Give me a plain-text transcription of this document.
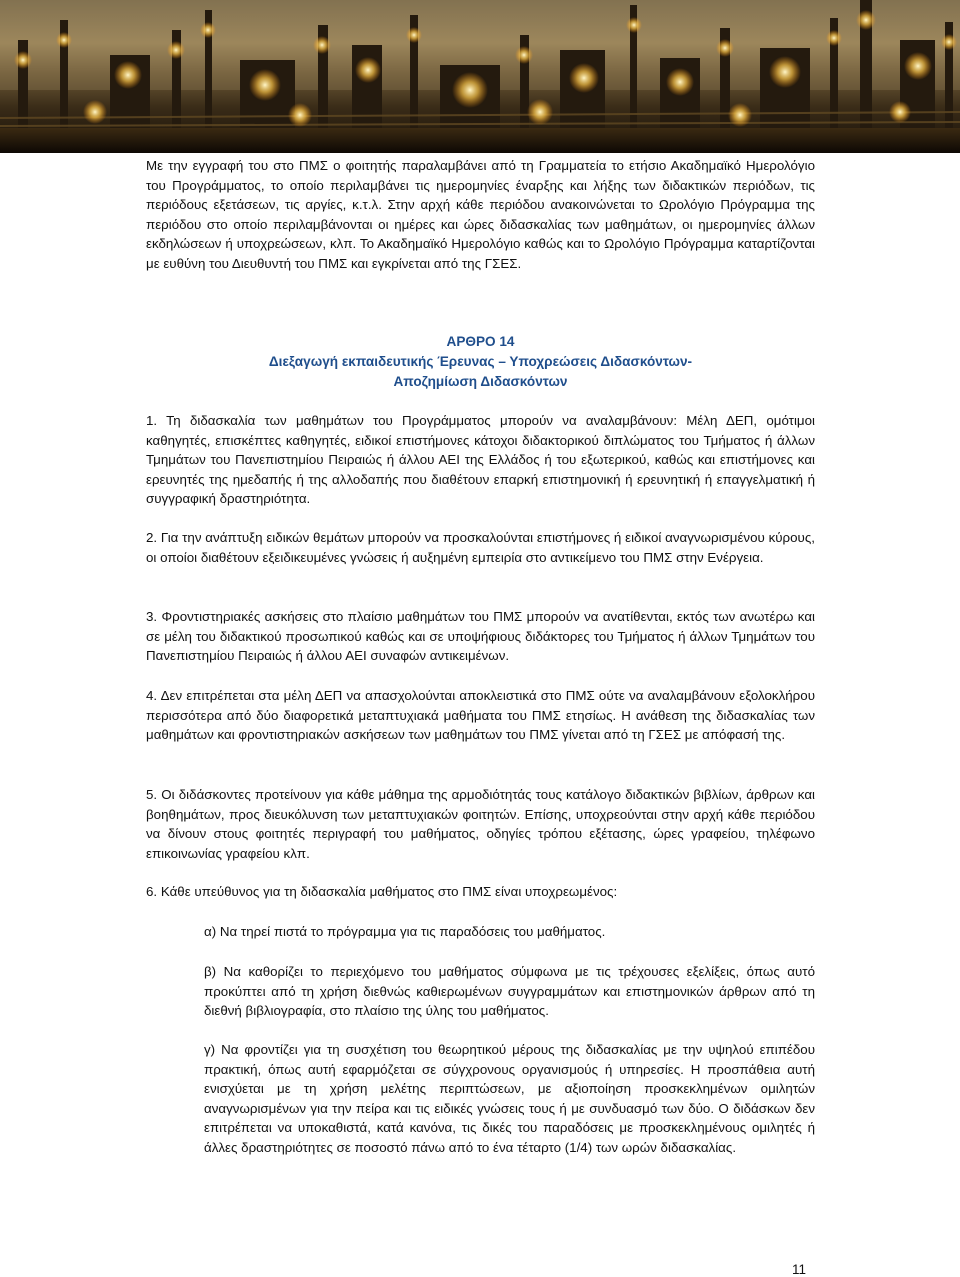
Με την εγγραφή του στο ΠΜΣ ο φοιτητής παραλαμβάνει από τη Γραμματεία το ετήσιο Ακαδημαϊκό Ημερολόγιο του Προγράμματος, το οποίο περιλαμβάνει τις ημερομηνίες έναρξης και λήξης των διδακτικών περιόδων, τις περιόδους εξετάσεων, τις αργίες, κ.τ.λ. Στην αρχή κάθε περιόδου ανακοινώνεται το Ωρολόγιο Πρόγραμμα της περιόδου στο οποίο περιλαμβάνονται οι ημέρες και ώρες διδασκαλίας των μαθημάτων, οι ημερομηνίες άλλων εκδηλώσεων ή υποχρεώσεων, κλπ. Το Ακαδημαϊκό Ημερολόγιο καθώς και το Ωρολόγιο Πρόγραμμα καταρτίζονται με ευθύνη του Διευθυντή του ΠΜΣ και εγκρίνεται από της ΓΣΕΣ.

ΑΡΘΡΟ 14

Διεξαγωγή εκπαιδευτικής Έρευνας – Υποχρεώσεις Διδασκόντων-

Αποζημίωση Διδασκόντων

1. Τη διδασκαλία των μαθημάτων του Προγράμματος μπορούν να αναλαμβάνουν: Μέλη ΔΕΠ, ομότιμοι καθηγητές, επισκέπτες καθηγητές, ειδικοί επιστήμονες κάτοχοι διδακτορικού διπλώματος του Τμήματος ή άλλων Τμημάτων του Πανεπιστημίου Πειραιώς ή άλλου ΑΕΙ της Ελλάδος ή του εξωτερικού, καθώς και επιστήμονες και ερευνητές της ημεδαπής ή της αλλοδαπής που διαθέτουν επαρκή επιστημονική ή ερευνητική ή επαγγελματική ή συγγραφική δραστηριότητα.

2. Για την ανάπτυξη ειδικών θεμάτων μπορούν να προσκαλούνται επιστήμονες ή ειδικοί αναγνωρισμένου κύρους, οι οποίοι διαθέτουν εξειδικευμένες γνώσεις ή αυξημένη εμπειρία στο αντικείμενο του ΠΜΣ στην Ενέργεια.

3. Φροντιστηριακές ασκήσεις στο πλαίσιο μαθημάτων του ΠΜΣ μπορούν να ανατίθενται, εκτός των ανωτέρω και σε μέλη του διδακτικού προσωπικού καθώς και σε υποψήφιους διδάκτορες του Τμήματος ή άλλων Τμημάτων του Πανεπιστημίου Πειραιώς ή άλλου ΑΕΙ συναφών αντικειμένων.

4. Δεν επιτρέπεται στα μέλη ΔΕΠ να απασχολούνται αποκλειστικά στο ΠΜΣ ούτε να αναλαμβάνουν εξολοκλήρου περισσότερα από δύο διαφορετικά μεταπτυχιακά μαθήματα του ΠΜΣ ετησίως. Η ανάθεση της διδασκαλίας των μαθημάτων και φροντιστηριακών ασκήσεων των μαθημάτων του ΠΜΣ γίνεται από τη ΓΣΕΣ με απόφασή της.

5. Οι διδάσκοντες προτείνουν για κάθε μάθημα της αρμοδιότητάς τους κατάλογο διδακτικών βιβλίων, άρθρων και βοηθημάτων, προς διευκόλυνση των μεταπτυχιακών φοιτητών. Επίσης, υποχρεούνται στην αρχή κάθε περιόδου να δίνουν στους φοιτητές περιγραφή του μαθήματος, οδηγίες τρόπου εξέτασης, ώρες γραφείου, τηλέφωνο επικοινωνίας γραφείου κλπ.

6. Κάθε υπεύθυνος για τη διδασκαλία μαθήματος στο ΠΜΣ είναι υποχρεωμένος:

α) Να τηρεί πιστά το πρόγραμμα για τις παραδόσεις του μαθήματος.

β) Να καθορίζει το περιεχόμενο του μαθήματος σύμφωνα με τις τρέχουσες εξελίξεις, όπως αυτό προκύπτει από τη χρήση διεθνώς καθιερωμένων συγγραμμάτων και επιστημονικών άρθρων από τη διεθνή βιβλιογραφία, στο πλαίσιο της ύλης του μαθήματος.

γ) Να φροντίζει για τη συσχέτιση του θεωρητικού μέρους της διδασκαλίας με την υψηλού επιπέδου πρακτική, όπως αυτή εφαρμόζεται σε σύγχρονους οργανισμούς ή υπηρεσίες. Η προσπάθεια αυτή ενισχύεται με τη χρήση μελέτης περιπτώσεων, με αξιοποίηση προσκεκλημένων ομιλητών αναγνωρισμένων για την πείρα και τις ειδικές γνώσεις τους ή με συνδυασμό των δύο. Ο διδάσκων δεν επιτρέπεται να υποκαθιστά, κατά κανόνα, τις δικές του παραδόσεις με προσκεκλημένους ομιλητές ή άλλες δραστηριότητες σε ποσοστό πάνω από το ένα τέταρτο (1/4) των ωρών διδασκαλίας.

11
